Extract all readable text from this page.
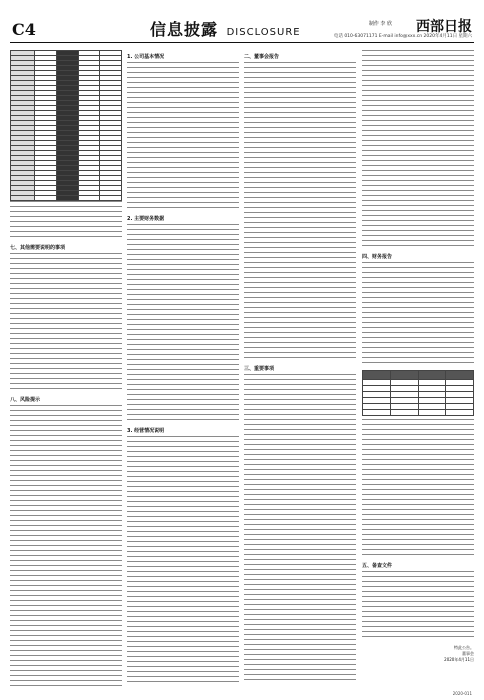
C4	信息披露 DISCLOSURE
制作 李 欣 西部日报
电话 010-63071171 E-mail info@xxx.cn 2020年4月11日 星期六

七、其他需要说明的事项
八、风险提示
1. 公司基本情况
2. 主要财务数据
3. 经营情况说明
二、董事会报告
三、重要事项
四、财务报告

五、备查文件
特此公告。
董事会
2020年4月11日
2020-011
